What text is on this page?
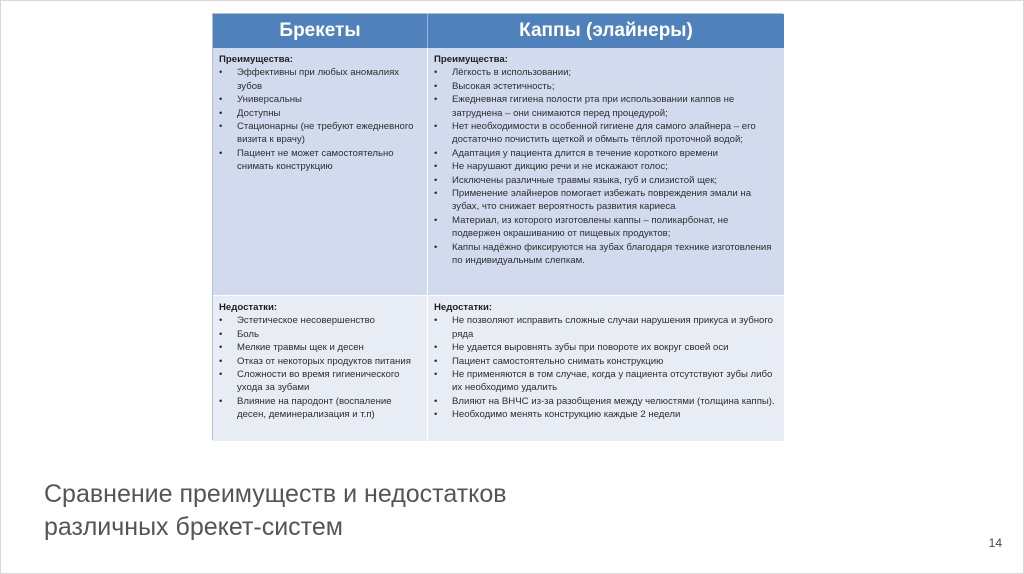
Брекеты	Каппы (элайнеры)
Преимущества:
• Эффективны при любых аномалиях зубов
• Универсальны
• Доступны
• Стационарны (не требуют ежедневного визита к врачу)
• Пациент не может самостоятельно снимать конструкцию
Преимущества:
• Лёгкость в использовании;
• Высокая эстетичность;
• Ежедневная гигиена полости рта при использовании каппов не затруднена – они снимаются перед процедурой;
• Нет необходимости в особенной гигиене для самого элайнера – его достаточно почистить щеткой и обмыть тёплой проточной водой;
• Адаптация у пациента длится в течение короткого времени
• Не нарушают дикцию речи и не искажают голос;
• Исключены различные травмы языка, губ и слизистой щек;
• Применение элайнеров помогает избежать повреждения эмали на зубах, что снижает вероятность развития кариеса
• Материал, из которого изготовлены каппы – поликарбонат, не подвержен окрашиванию от пищевых продуктов;
• Каппы надёжно фиксируются на зубах благодаря технике изготовления по индивидуальным слепкам.
Недостатки:
• Эстетическое несовершенство
• Боль
• Мелкие травмы щек и десен
• Отказ от некоторых продуктов питания
• Сложности во время гигиенического ухода за зубами
• Влияние на пародонт (воспаление десен, деминерализация и т.п)
Недостатки:
• Не позволяют исправить сложные случаи нарушения прикуса и зубного ряда
• Не удается выровнять зубы при повороте их вокруг своей оси
• Пациент самостоятельно снимать конструкцию
• Не применяются в том случае, когда у пациента отсутствуют зубы либо их необходимо удалить
• Влияют на ВНЧС из-за разобщения между челюстями (толщина каппы).
• Необходимо менять конструкцию каждые 2 недели
Сравнение преимуществ и недостатков
различных брекет-систем
14
